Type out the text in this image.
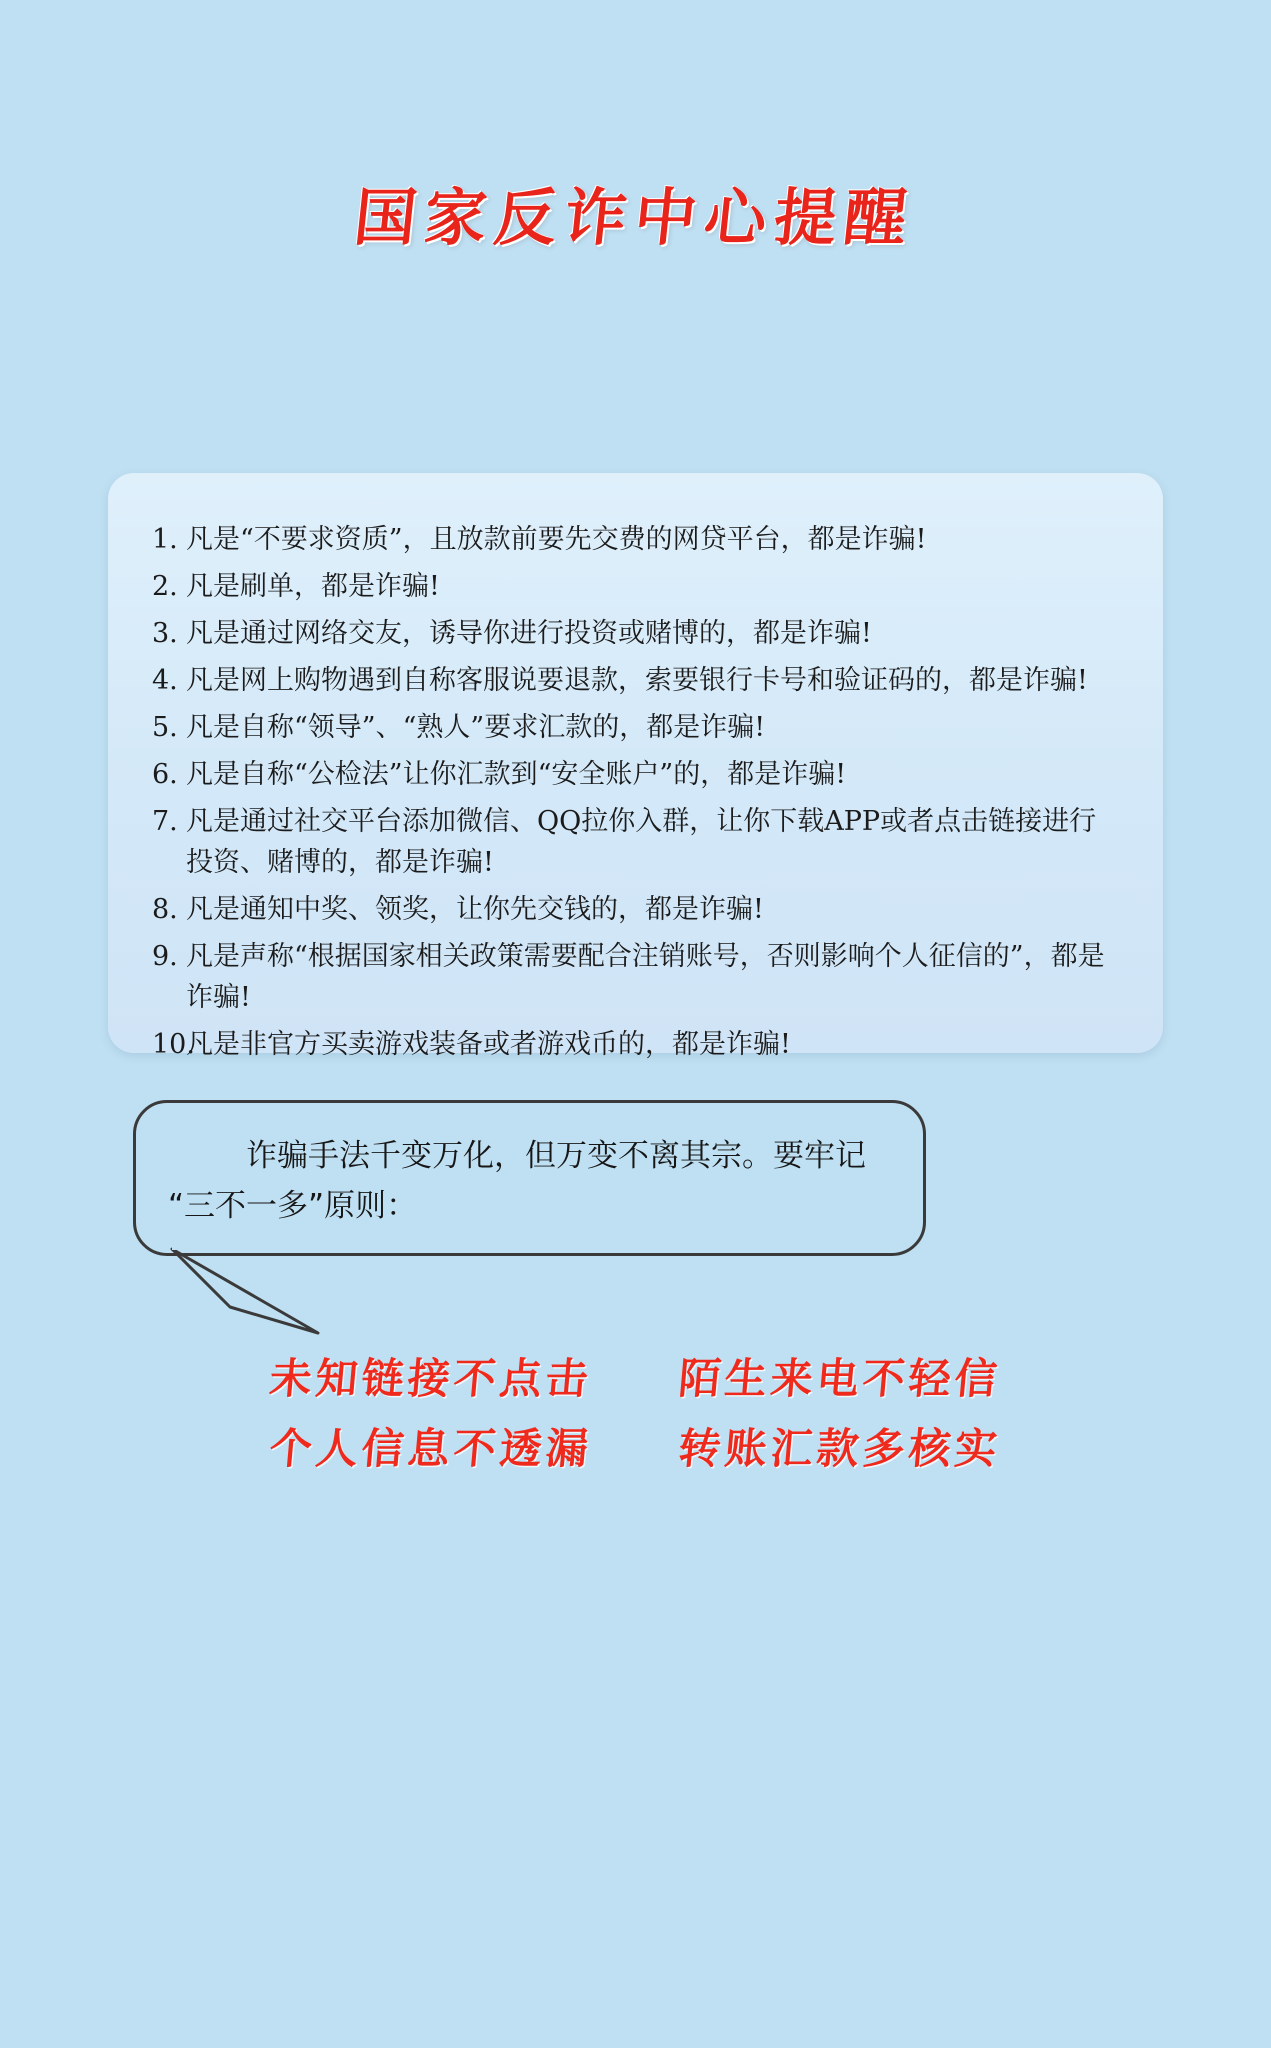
国家反诈中心提醒
1. 凡是“不要求资质”，且放款前要先交费的网贷平台，都是诈骗!
2. 凡是刷单，都是诈骗!
3. 凡是通过网络交友，诱导你进行投资或赌博的，都是诈骗!
4. 凡是网上购物遇到自称客服说要退款，索要银行卡号和验证码的，都是诈骗!
5. 凡是自称“领导”、“熟人”要求汇款的，都是诈骗!
6. 凡是自称“公检法”让你汇款到“安全账户”的，都是诈骗!
7. 凡是通过社交平台添加微信、QQ拉你入群，让你下载APP或者点击链接进行投资、赌博的，都是诈骗!
8. 凡是通知中奖、领奖，让你先交钱的，都是诈骗!
9. 凡是声称“根据国家相关政策需要配合注销账号，否则影响个人征信的”，都是诈骗!
10.
凡是非官方买卖游戏装备或者游戏币的，都是诈骗!

诈骗手法千变万化，但万变不离其宗。要牢记

“三不一多”原则：

未知链接不点击 陌生来电不轻信
个人信息不透漏 转账汇款多核实
